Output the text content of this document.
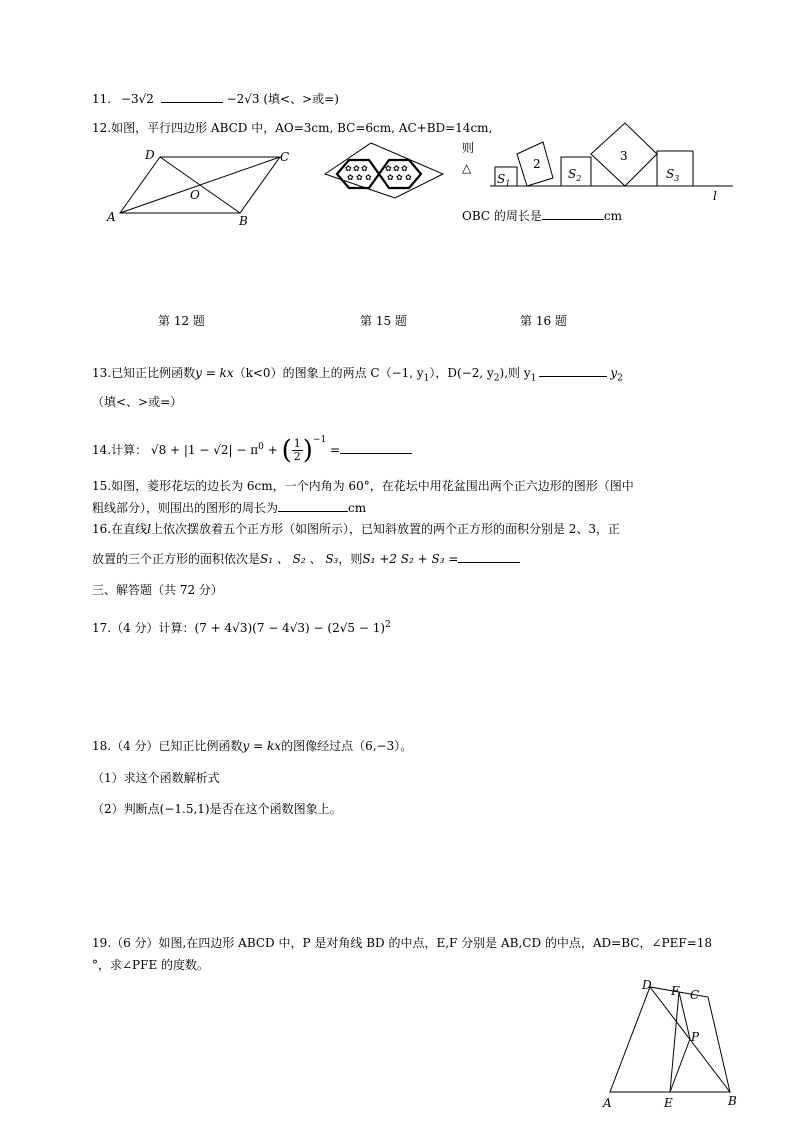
11. −3√2	−2√3 (填<、>或=)
12.如图，平行四边形 ABCD 中，AO=3cm, BC=6cm, AC+BD=14cm,
则
△
OBC 的周长是	cm
A	B
C
D
O
✿ ✿ ✿
✿ ✿ ✿
✿ ✿ ✿
✿ ✿ ✿	$S_1$
2
$S_2$
3
$S_3$
l
第 12 题	第 15 题	第 16 题
13.已知正比例函数y = kx（k<0）的图象上的两点 C（−1, $y_1$），D(−2, $y_2$),则 $y_1$	$y_2$
（填<、>或=）
14.计算： $√8 + |1 - √2| - \pi^0$ + ( $\frac{1}{2} )^{-1}$ =
15.如图，菱形花坛的边长为 6cm，一个内角为 60°，在花坛中用花盆围出两个正六边形的图形（图中
粗线部分），则围出的图形的周长为	cm
16.在直线l上依次摆放着五个正方形（如图所示），已知斜放置的两个正方形的面积分别是 2、3，正
放置的三个正方形的面积依次是S₁ 、 S₂ 、 S₃，则S₁ +2 S₂ + S₃ =
三、解答题（共 72 分）
17.（4 分）计算：$(7 + 4√3)(7 - 4√3) - (2√5 - 1)^2$
18.（4 分）已知正比例函数y = kx的图像经过点（6,−3）。
（1）求这个函数解析式
（2）判断点(−1.5,1)是否在这个函数图象上。
19.（6 分）如图,在四边形 ABCD 中，P 是对角线 BD 的中点，E,F 分别是 AB,CD 的中点，AD=BC，∠PEF=18
°，求∠PFE 的度数。
A	B
C
D
E
F
P
